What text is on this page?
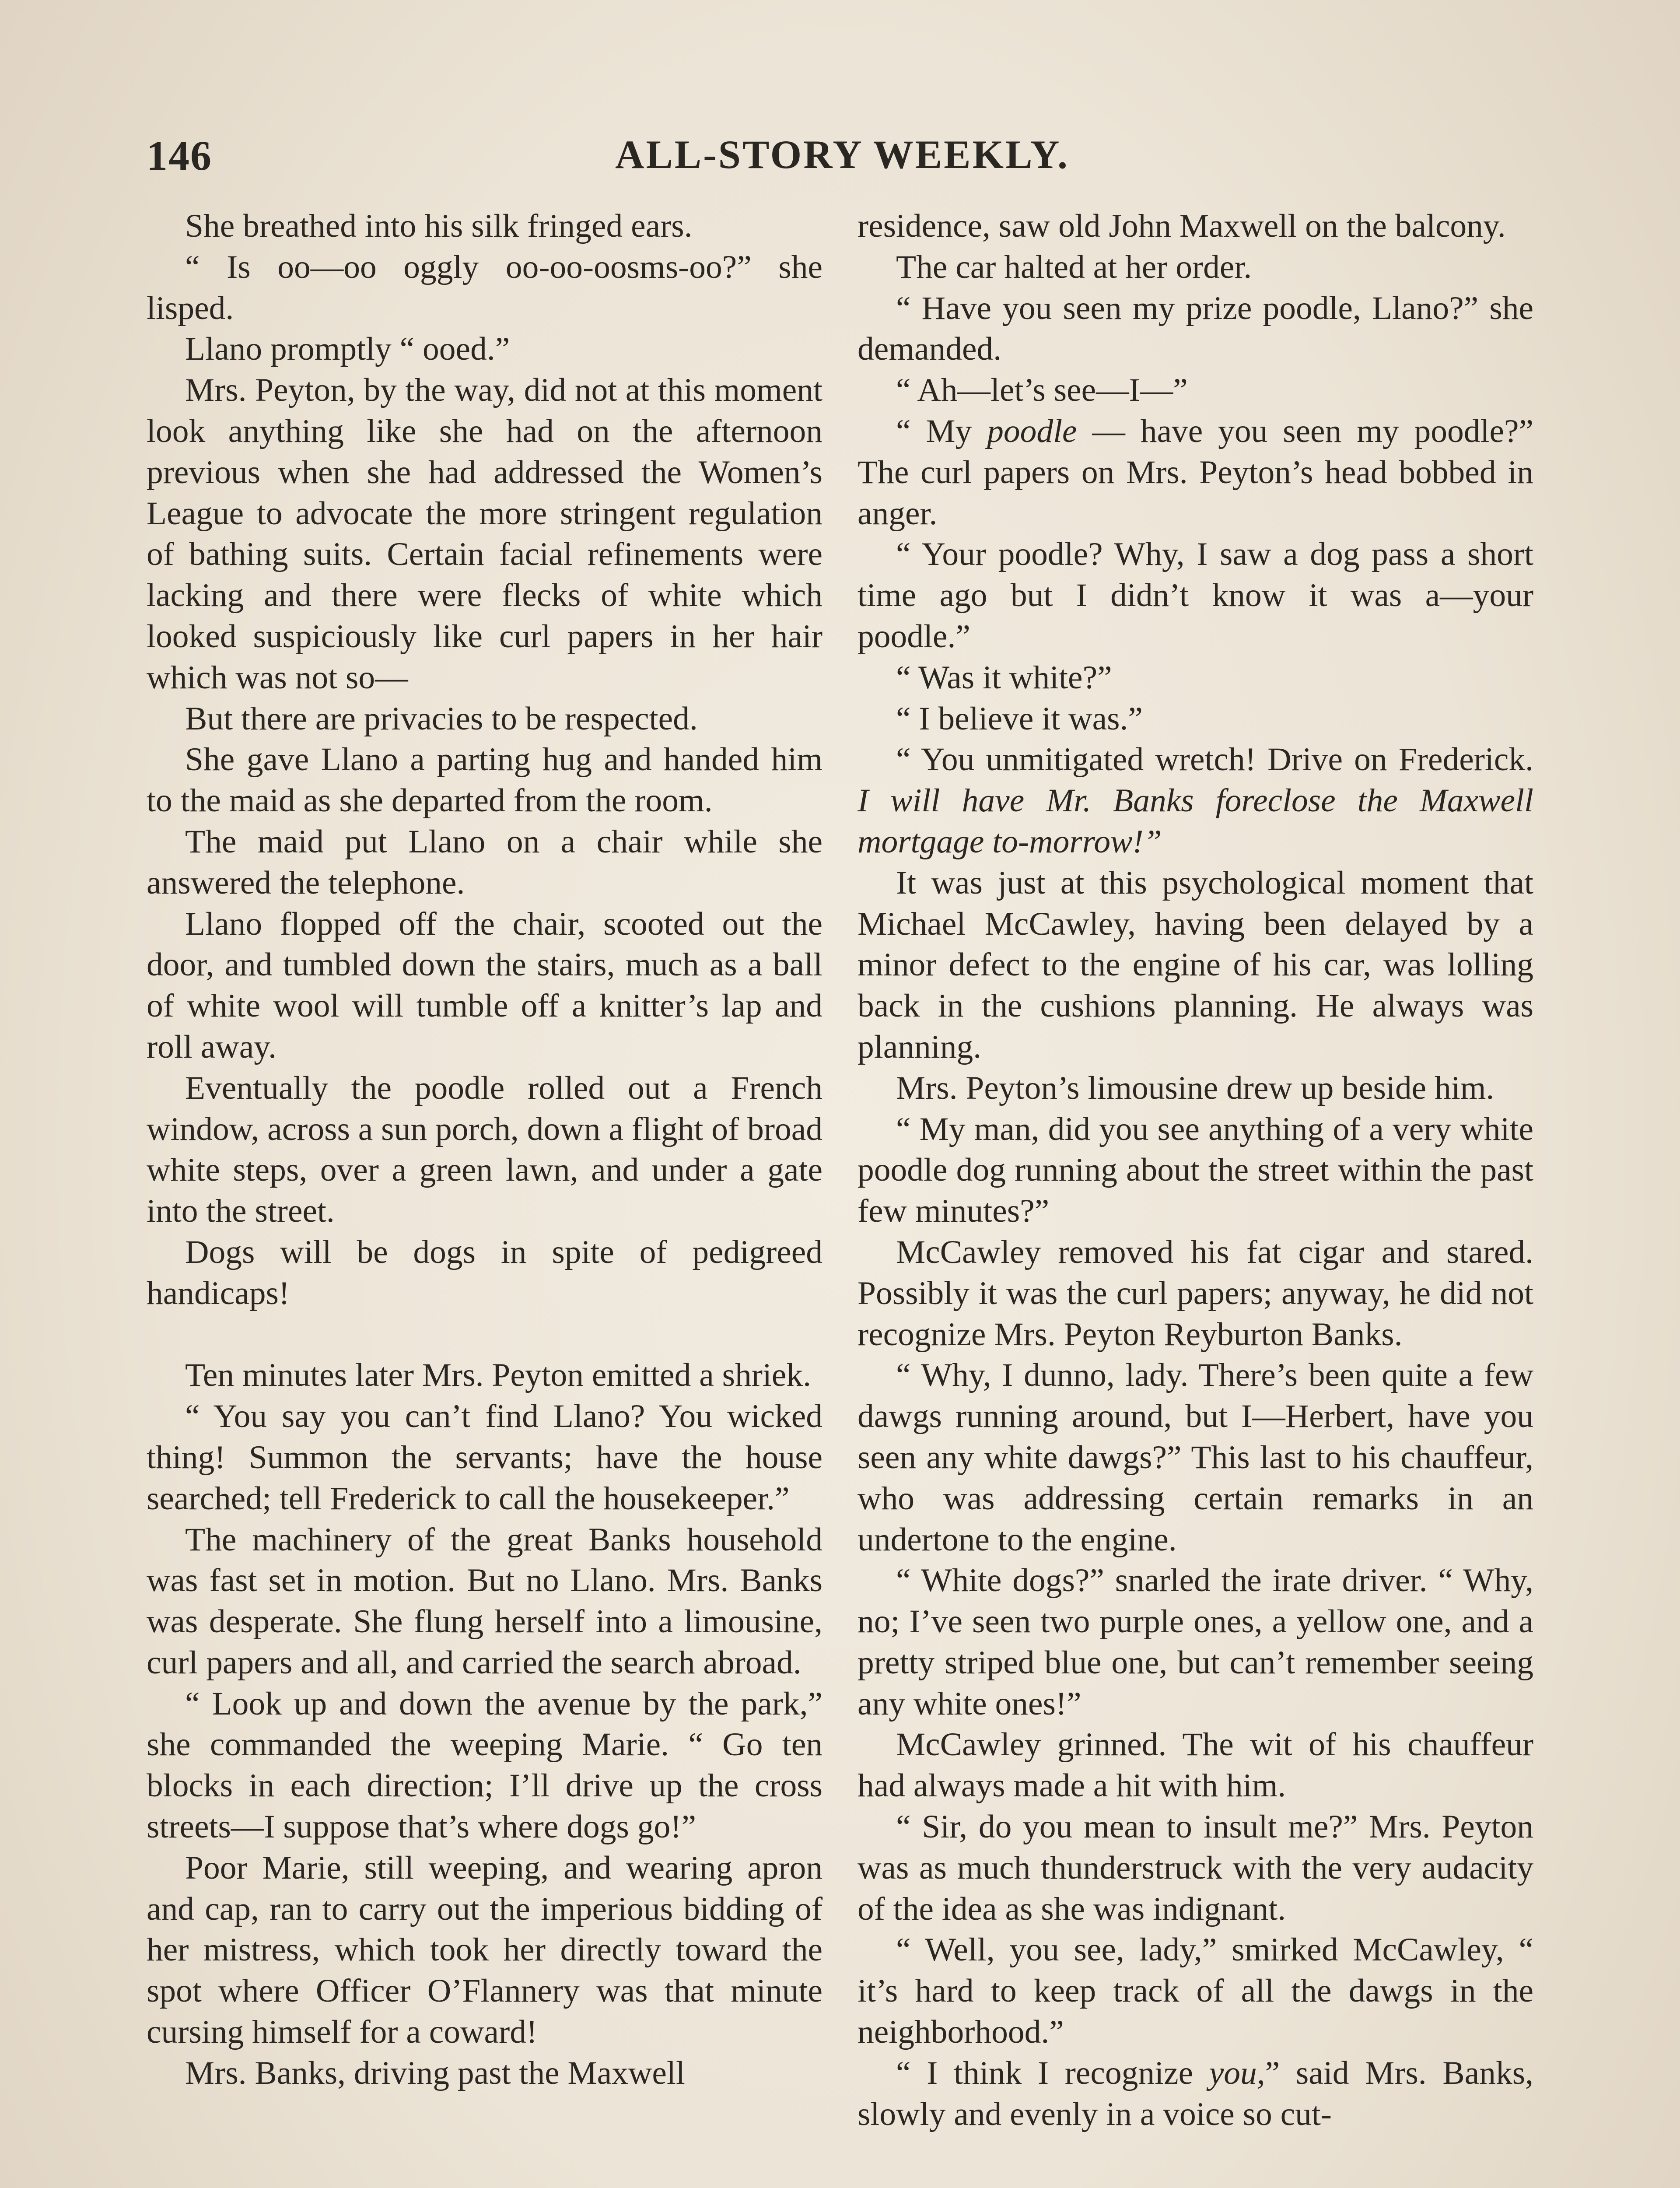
146	ALL-STORY WEEKLY.

She breathed into his silk fringed ears.

“ Is oo—oo oggly oo-oo-oosms-oo?” she lisped.

Llano promptly “ ooed.”

Mrs. Peyton, by the way, did not at this moment look anything like she had on the afternoon previous when she had addressed the Women’s League to advocate the more stringent regulation of bathing suits. Certain facial refinements were lacking and there were flecks of white which looked suspiciously like curl papers in her hair which was not so—

But there are privacies to be respected.

She gave Llano a parting hug and handed him to the maid as she departed from the room.

The maid put Llano on a chair while she answered the telephone.

Llano flopped off the chair, scooted out the door, and tumbled down the stairs, much as a ball of white wool will tumble off a knitter’s lap and roll away.

Eventually the poodle rolled out a French window, across a sun porch, down a flight of broad white steps, over a green lawn, and under a gate into the street.

Dogs will be dogs in spite of pedigreed handicaps!

Ten minutes later Mrs. Peyton emitted a shriek.

“ You say you can’t find Llano? You wicked thing! Summon the servants; have the house searched; tell Frederick to call the housekeeper.”

The machinery of the great Banks household was fast set in motion. But no Llano. Mrs. Banks was desperate. She flung herself into a limousine, curl papers and all, and carried the search abroad.

“ Look up and down the avenue by the park,” she commanded the weeping Marie. “ Go ten blocks in each direction; I’ll drive up the cross streets—I suppose that’s where dogs go!”

Poor Marie, still weeping, and wearing apron and cap, ran to carry out the imperious bidding of her mistress, which took her directly toward the spot where Officer O’Flannery was that minute cursing himself for a coward!

Mrs. Banks, driving past the Maxwell

residence, saw old John Maxwell on the balcony.

The car halted at her order.

“ Have you seen my prize poodle, Llano?” she demanded.

“ Ah—let’s see—I—”

“ My poodle — have you seen my poodle?” The curl papers on Mrs. Peyton’s head bobbed in anger.

“ Your poodle? Why, I saw a dog pass a short time ago but I didn’t know it was a—your poodle.”

“ Was it white?”

“ I believe it was.”

“ You unmitigated wretch! Drive on Frederick. I will have Mr. Banks foreclose the Maxwell mortgage to-morrow!”

It was just at this psychological moment that Michael McCawley, having been delayed by a minor defect to the engine of his car, was lolling back in the cushions planning. He always was planning.

Mrs. Peyton’s limousine drew up beside him.

“ My man, did you see anything of a very white poodle dog running about the street within the past few minutes?”

McCawley removed his fat cigar and stared. Possibly it was the curl papers; anyway, he did not recognize Mrs. Peyton Reyburton Banks.

“ Why, I dunno, lady. There’s been quite a few dawgs running around, but I—Herbert, have you seen any white dawgs?” This last to his chauffeur, who was addressing certain remarks in an undertone to the engine.

“ White dogs?” snarled the irate driver. “ Why, no; I’ve seen two purple ones, a yellow one, and a pretty striped blue one, but can’t remember seeing any white ones!”

McCawley grinned. The wit of his chauffeur had always made a hit with him.

“ Sir, do you mean to insult me?” Mrs. Peyton was as much thunderstruck with the very audacity of the idea as she was indignant.

“ Well, you see, lady,” smirked McCawley, “ it’s hard to keep track of all the dawgs in the neighborhood.”

“ I think I recognize you,” said Mrs. Banks, slowly and evenly in a voice so cut-
